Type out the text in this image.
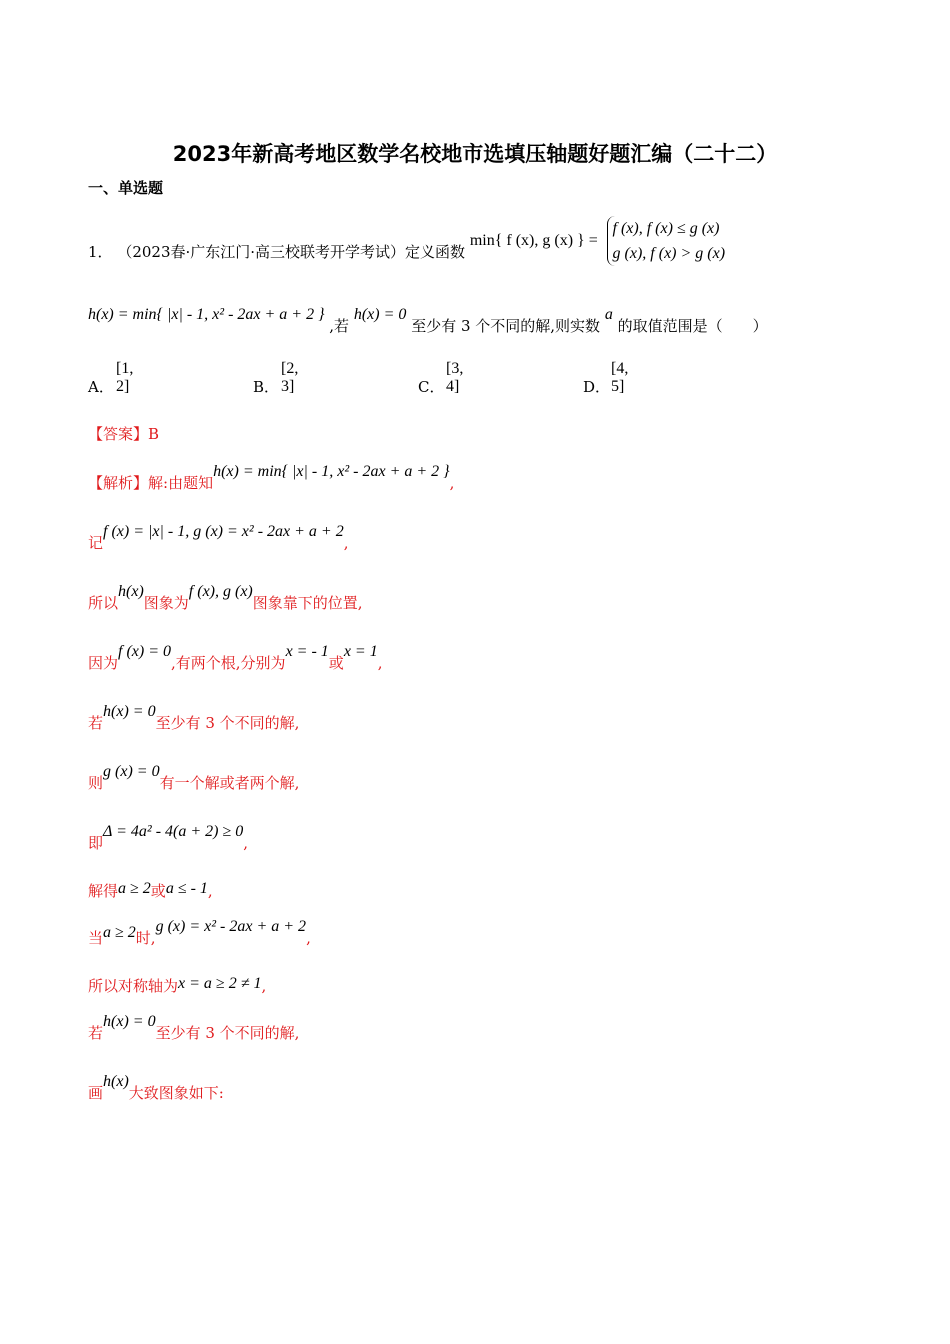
2023年新高考地区数学名校地市选填压轴题好题汇编（二十二）
一、单选题
1． （2023春·广东江门·高三校联考开学考试）定义函数 min{ f (x), g (x) } = f (x), f (x) ≤ g (x)
g (x), f (x) > g (x)
h(x) = min{ |x| - 1, x² - 2ax + a + 2 } ,若 h(x) = 0 至少有 3 个不同的解,则实数 a 的取值范围是（　　）
A．
[1, 2]	B．
[2, 3]	C．
[3, 4]	D．
[4, 5]
【答案】B
【解析】解:由题知h(x) = min{ |x| - 1, x² - 2ax + a + 2 },
记f (x) = |x| - 1, g (x) = x² - 2ax + a + 2,
所以h(x)图象为f (x), g (x)图象靠下的位置,
因为f (x) = 0,有两个根,分别为x = - 1或x = 1,
若h(x) = 0至少有 3 个不同的解,
则g (x) = 0有一个解或者两个解,
即Δ = 4a² - 4(a + 2) ≥ 0,
解得a ≥ 2或a ≤ - 1,
当a ≥ 2时,g (x) = x² - 2ax + a + 2,
所以对称轴为x = a ≥ 2 ≠ 1,
若h(x) = 0至少有 3 个不同的解,
画h(x)大致图象如下:
